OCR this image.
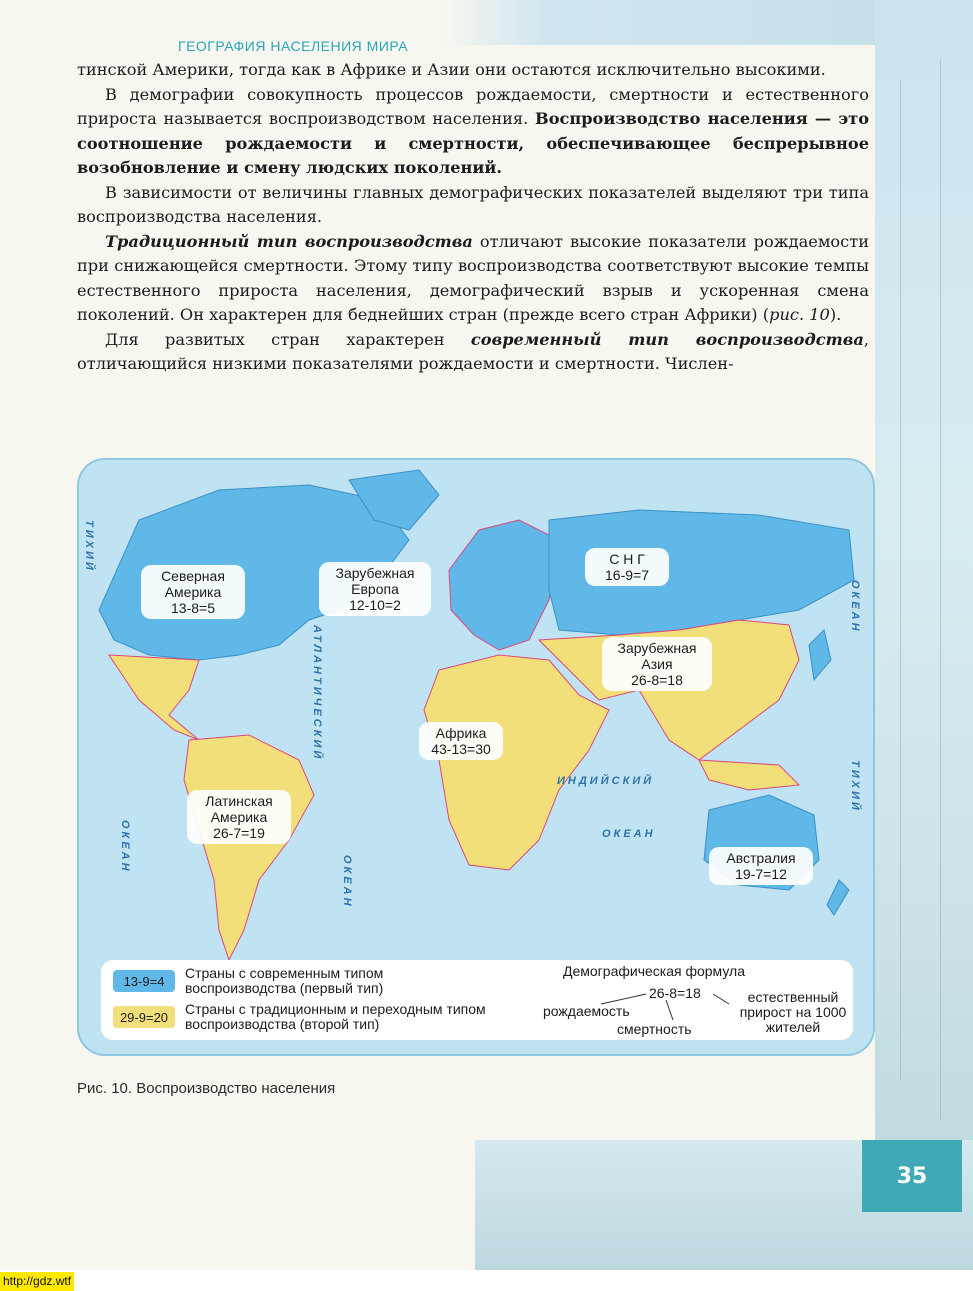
ГЕОГРАФИЯ НАСЕЛЕНИЯ МИРА

тинской Америки, тогда как в Африке и Азии они остаются исключительно высокими.

В демографии совокупность процессов рождаемости, смертности и естественного прироста называется воспроизводством населения. Воспроизводство населения — это соотношение рождаемости и смертности, обеспечивающее беспрерывное возобновление и смену людских поколений.

В зависимости от величины главных демографических показателей выделяют три типа воспроизводства населения.

Традиционный тип воспроизводства отличают высокие показатели рождаемости при снижающейся смертности. Этому типу воспроизводства соответствуют высокие темпы естественного прироста населения, демографический взрыв и ускоренная смена поколений. Он характерен для беднейших стран (прежде всего стран Африки) (рис. 10).

Для развитых стран характерен современный тип воспроизводства, отличающийся низкими показателями рождаемости и смертности. Числен-

Северная Америка
13-8=5
Зарубежная Европа
12-10=2
С Н Г
16-9=7
Зарубежная Азия
26-8=18
Африка
43-13=30
Латинская Америка
26-7=19
Австралия
19-7=12
ИНДИЙСКИЙ
ОКЕАН
АТЛАНТИЧЕСКИЙ
ОКЕАН
ТИХИЙ
ОКЕАН
ОКЕАН
ТИХИЙ
13-9=4	Страны с современным типом воспроизводства (первый тип)
29-9=20	Страны с традиционным и переходным типом воспроизводства (второй тип)
Демографическая формула
26-8=18
рождаемость
смертность
естественный прирост на 1000 жителей
Рис. 10. Воспроизводство населения
35
http://gdz.wtf
